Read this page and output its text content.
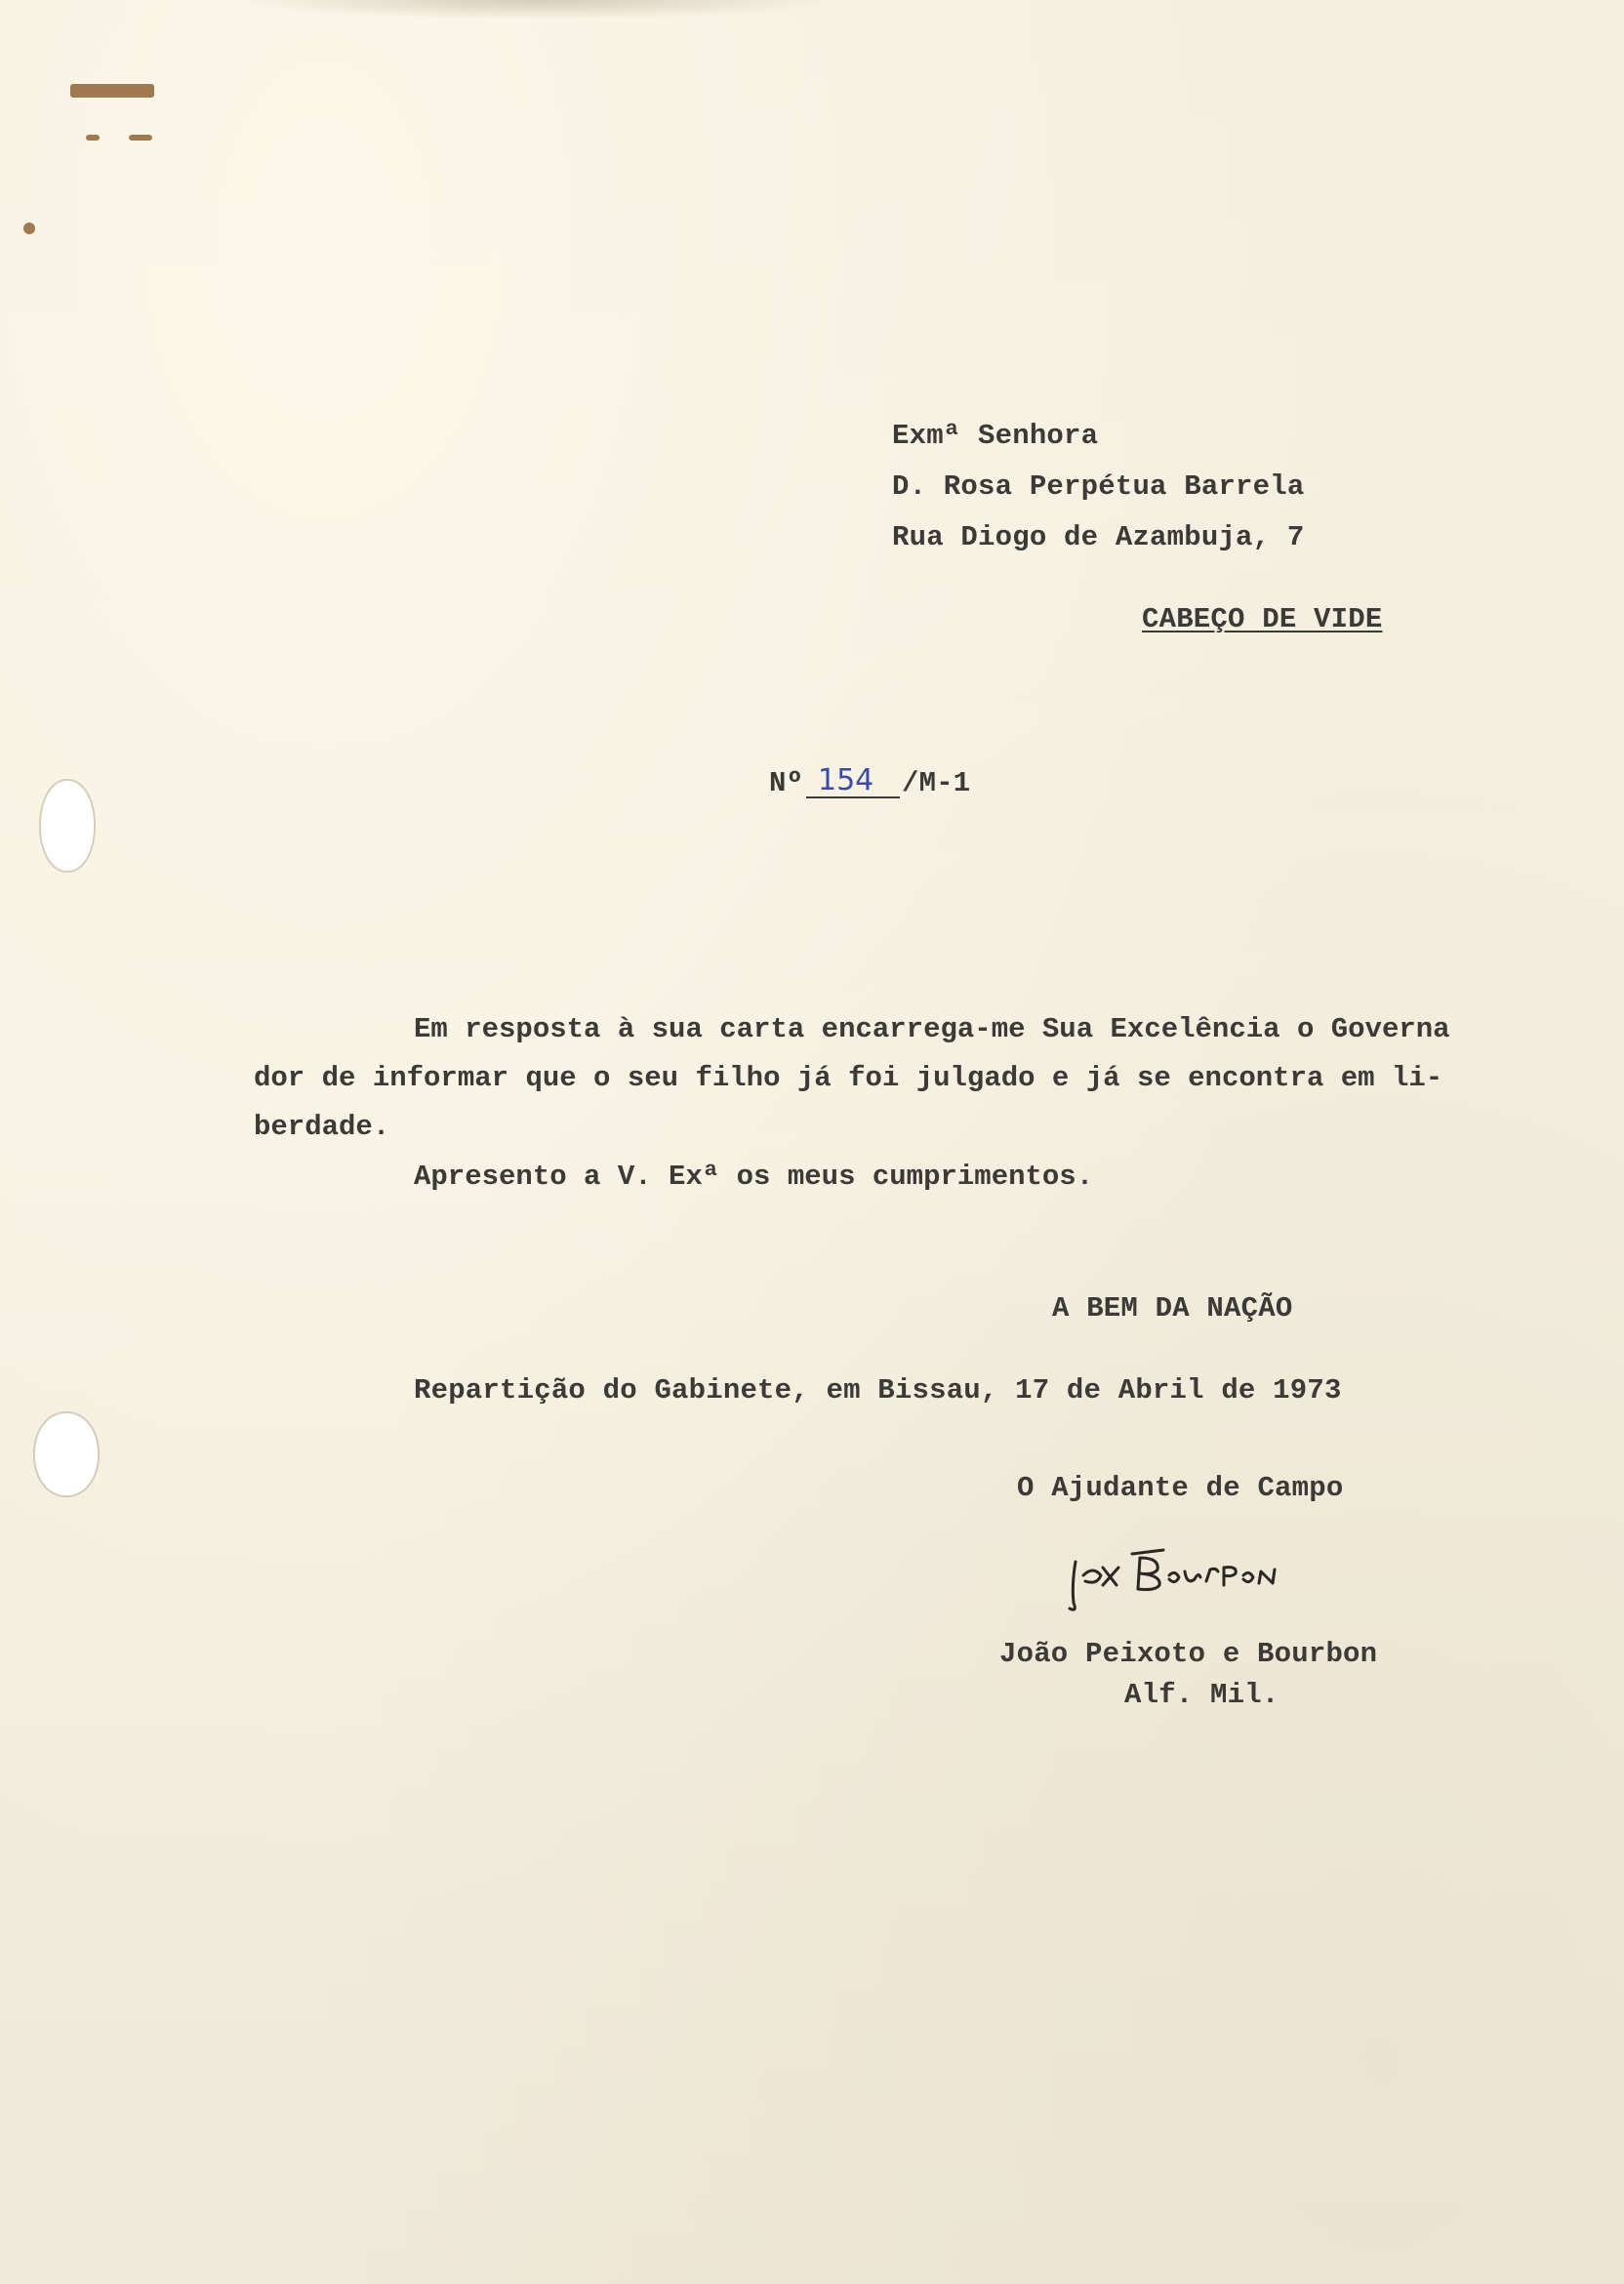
Exmª Senhora
D. Rosa Perpétua Barrela
Rua Diogo de Azambuja, 7
CABEÇO DE VIDE
Nº 154 /M-1
Em resposta à sua carta encarrega-me Sua Excelência o Governa
dor de informar que o seu filho já foi julgado e já se encontra em li-
berdade.
Apresento a V. Exª os meus cumprimentos.
A BEM DA NAÇÃO
Repartição do Gabinete, em Bissau, 17 de Abril de 1973
O Ajudante de Campo
João Peixoto e Bourbon
Alf. Mil.
